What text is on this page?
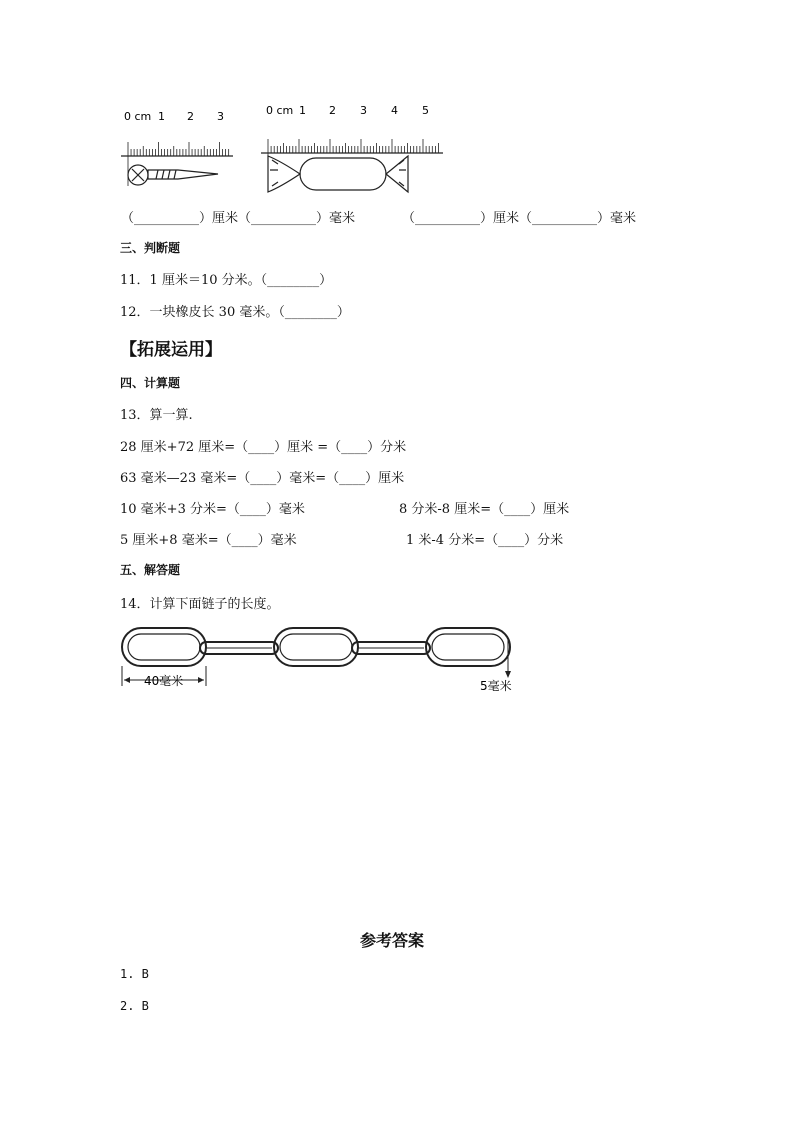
0 cm 1 2 3	0 cm 1 2 3 4 5
（__________）厘米（__________）毫米	（__________）厘米（__________）毫米
三、判断题
11．1 厘米＝10 分米。（________）
12．一块橡皮长 30 毫米。（________）
【拓展运用】
四、计算题
13．算一算.
28 厘米+72 厘米=（____）厘米 =（____）分米
63 毫米—23 毫米=（____）毫米=（____）厘米
10 毫米+3 分米=（____）毫米	8 分米-8 厘米=（____）厘米
5 厘米+8 毫米=（____）毫米	1 米-4 分米=（____）分米
五、解答题
14．计算下面链子的长度。
40毫米	5毫米
参考答案
1. B
2. B
